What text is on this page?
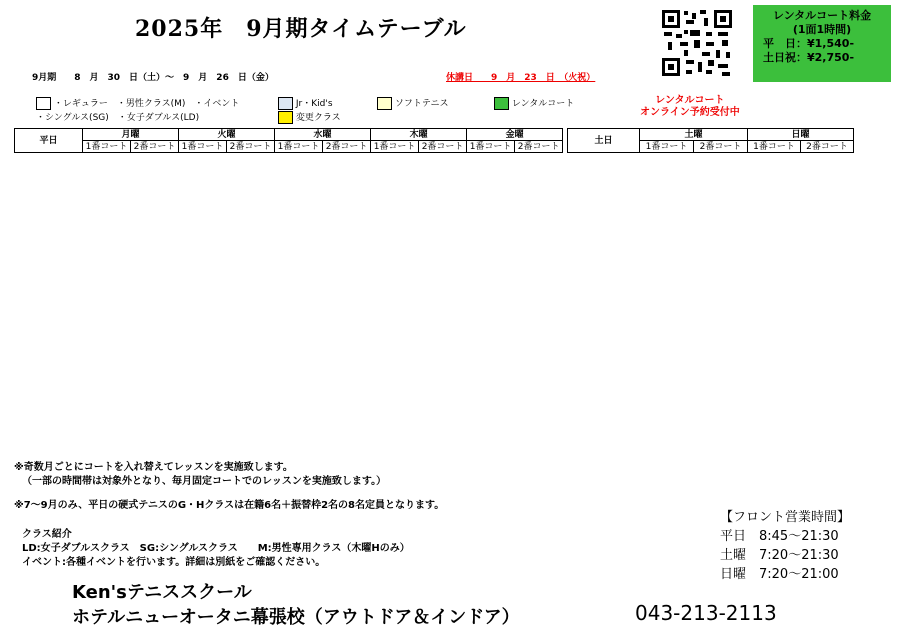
2025年　9月期タイムテーブル
9月期　　8　月　30　日（土）～　9　月　26　日（金）	休講日　　9　月　23　日　（火祝）
レンタルコート料金
(1面1時間)
平　日：¥1,540-
土日祝：¥2,750-
・レギュラー　・男性クラス(M)　・イベント
・シングルス(SG)　・女子ダブルス(LD)
Jr・Kid's
変更クラス
ソフトテニス	レンタルコート	レンタルコート
オンライン予約受付中
平日	月曜		火曜		水曜		木曜		金曜	
	1番コート	2番コート	1番コート	2番コート	1番コート	2番コート	1番コート	2番コート	1番コート	2番コート
土日	土曜		日曜	
	1番コート	2番コート	1番コート	2番コート
※奇数月ごとにコートを入れ替えてレッスンを実施致します。
（一部の時間帯は対象外となり、毎月固定コートでのレッスンを実施致します。）
※7～9月のみ、平日の硬式テニスのG・Hクラスは在籍6名＋振替枠2名の8名定員となります。
クラス紹介
LD:女子ダブルスクラス　SG:シングルスクラス　　M:男性専用クラス（木曜Hのみ）
イベント:各種イベントを行います。詳細は別紙をご確認ください。
【フロント営業時間】
平日　8:45～21:30
土曜　7:20～21:30
日曜　7:20～21:00
Ken'sテニススクール
ホテルニューオータニ幕張校（アウトドア＆インドア）	043-213-2113
